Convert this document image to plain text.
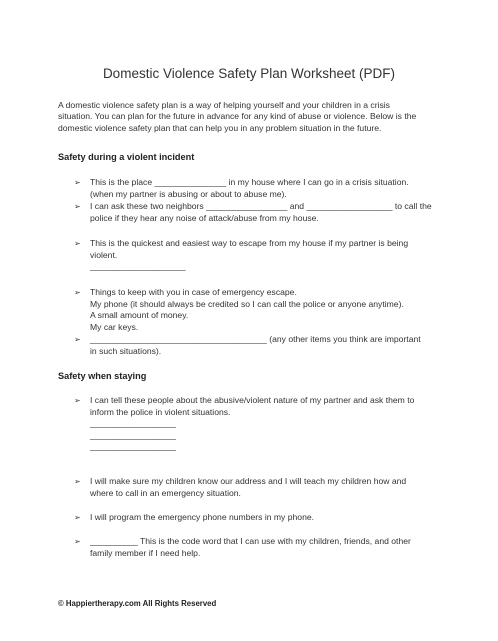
Domestic Violence Safety Plan Worksheet (PDF)
A domestic violence safety plan is a way of helping yourself and your children in a crisis
situation. You can plan for the future in advance for any kind of abuse or violence. Below is the
domestic violence safety plan that can help you in any problem situation in the future.
Safety during a violent incident
➢ This is the place _______________ in my house where I can go in a crisis situation.
(when my partner is abusing or about to abuse me).
➢ I can ask these two neighbors _________________ and __________________ to call the
police if they hear any noise of attack/abuse from my house.
➢ This is the quickest and easiest way to escape from my house if my partner is being
violent.
____________________
➢ Things to keep with you in case of emergency escape.
My phone (it should always be credited so I can call the police or anyone anytime).
A small amount of money.
My car keys.
➢ _____________________________________ (any other items you think are important
in such situations).
Safety when staying
➢ I can tell these people about the abusive/violent nature of my partner and ask them to
inform the police in violent situations.
__________________
__________________
__________________
➢ I will make sure my children know our address and I will teach my children how and
where to call in an emergency situation.
➢ I will program the emergency phone numbers in my phone.
➢ __________ This is the code word that I can use with my children, friends, and other
family member if I need help.
© Happiertherapy.com All Rights Reserved
